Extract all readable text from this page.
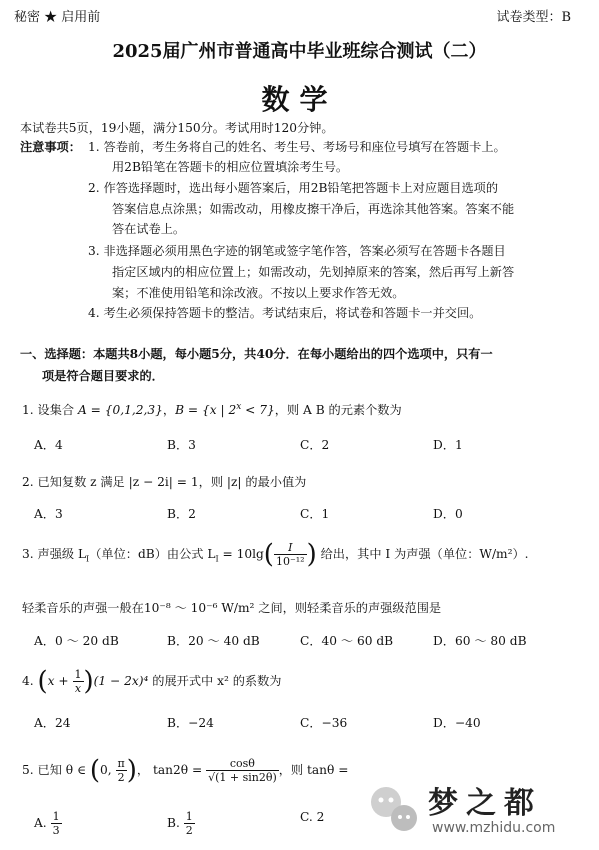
秘密 ★ 启用前	试卷类型：B
2025届广州市普通高中毕业班综合测试（二）
数学
本试卷共5页，19小题，满分150分。考试用时120分钟。
注意事项： 1. 答卷前，考生务将自己的姓名、考生号、考场号和座位号填写在答题卡上。
用2B铅笔在答题卡的相应位置填涂考生号。
2. 作答选择题时，选出每小题答案后，用2B铅笔把答题卡上对应题目选项的
答案信息点涂黑；如需改动，用橡皮擦干净后，再选涂其他答案。答案不能
答在试卷上。
3. 非选择题必须用黑色字迹的钢笔或签字笔作答，答案必须写在答题卡各题目
指定区域内的相应位置上；如需改动，先划掉原来的答案，然后再写上新答
案；不准使用铅笔和涂改液。不按以上要求作答无效。
4. 考生必须保持答题卡的整洁。考试结束后，将试卷和答题卡一并交回。
一、选择题：本题共8小题，每小题5分，共40分．在每小题给出的四个选项中，只有一
项是符合题目要求的．
1. 设集合 A = {0,1,2,3}，B = {x | $2^x < 7$}，则 A B 的元素个数为
A．4	B．3	C．2	D．1
2. 已知复数 z 满足 |z − 2i| = 1，则 |z| 的最小值为
A．3	B．2	C．1	D．0
3. 声强级 $L_I$（单位：dB）由公式 $L_I = 10\lg( \frac{I}{\text{10⁻¹²}}$ ) 给出，其中 I 为声强（单位：W/m²）.
轻柔音乐的声强一般在10⁻⁸ ～ 10⁻⁶ W/m² 之间，则轻柔音乐的声强级范围是
A．0 ～ 20 dB	B．20 ～ 40 dB	C．40 ～ 60 dB	D．60 ～ 80 dB
4. $(x + \frac{1}{x} )(1 - 2x)^4$ 的展开式中 x² 的系数为
A．24	B．−24	C．−36	D．−40
5. 已知 θ ∈ (0, $\frac{\pi}{2}$ )， $\tan 2\theta = \frac{\cos\theta}{√(1 + \sin 2\theta)}$ ，则 tanθ =
A. $\frac{1}{3}$	B. $\frac{1}{2}$	C. 2	梦之都
www.mzhidu.com
